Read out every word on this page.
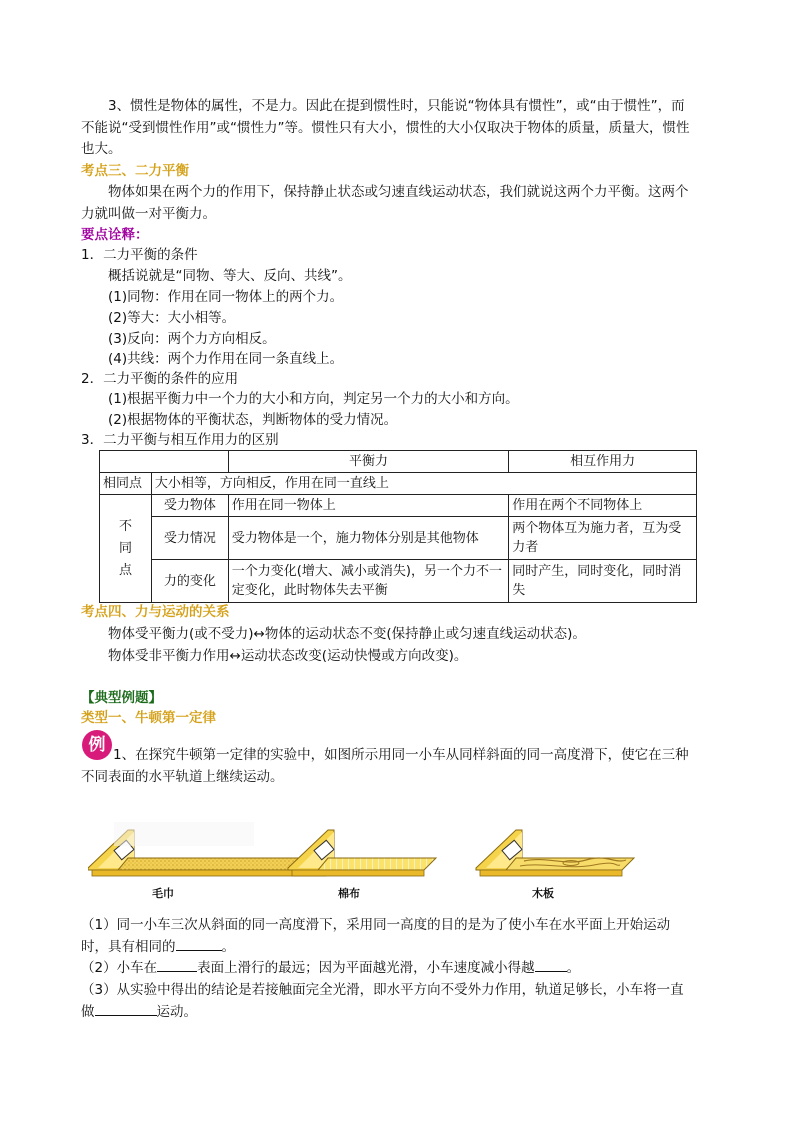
3、惯性是物体的属性，不是力。因此在提到惯性时，只能说“物体具有惯性”，或“由于惯性”，而不能说“受到惯性作用”或“惯性力”等。惯性只有大小，惯性的大小仅取决于物体的质量，质量大，惯性也大。
考点三、二力平衡
物体如果在两个力的作用下，保持静止状态或匀速直线运动状态，我们就说这两个力平衡。这两个力就叫做一对平衡力。
要点诠释：
1．二力平衡的条件
概括说就是“同物、等大、反向、共线”。
(1)同物：作用在同一物体上的两个力。
(2)等大：大小相等。
(3)反向：两个力方向相反。
(4)共线：两个力作用在同一条直线上。
2．二力平衡的条件的应用
(1)根据平衡力中一个力的大小和方向，判定另一个力的大小和方向。
(2)根据物体的平衡状态，判断物体的受力情况。
3．二力平衡与相互作用力的区别
		平衡力	相互作用力
相同点	大小相等，方向相反，作用在同一直线上		
不
同
点	受力物体	作用在同一物体上	作用在两个不同物体上
	受力情况	受力物体是一个，施力物体分别是其他物体	两个物体互为施力者，互为受力者
	力的变化	一个力变化(增大、减小或消失)，另一个力不一定变化，此时物体失去平衡	同时产生，同时变化，同时消失
考点四、力与运动的关系
物体受平衡力(或不受力)↔物体的运动状态不变(保持静止或匀速直线运动状态)。
物体受非平衡力作用↔运动状态改变(运动快慢或方向改变)。
【典型例题】
类型一、牛顿第一定律
例 1、在探究牛顿第一定律的实验中，如图所示用同一小车从同样斜面的同一高度滑下，使它在三种不同表面的水平轨道上继续运动。
毛巾	棉布	木板
（1）同一小车三次从斜面的同一高度滑下，采用同一高度的目的是为了使小车在水平面上开始运动时，具有相同的	。
（2）小车在	表面上滑行的最远；因为平面越光滑，小车速度减小得越 。
（3）从实验中得出的结论是若接触面完全光滑，即水平方向不受外力作用，轨道足够长，小车将一直做	运动。
